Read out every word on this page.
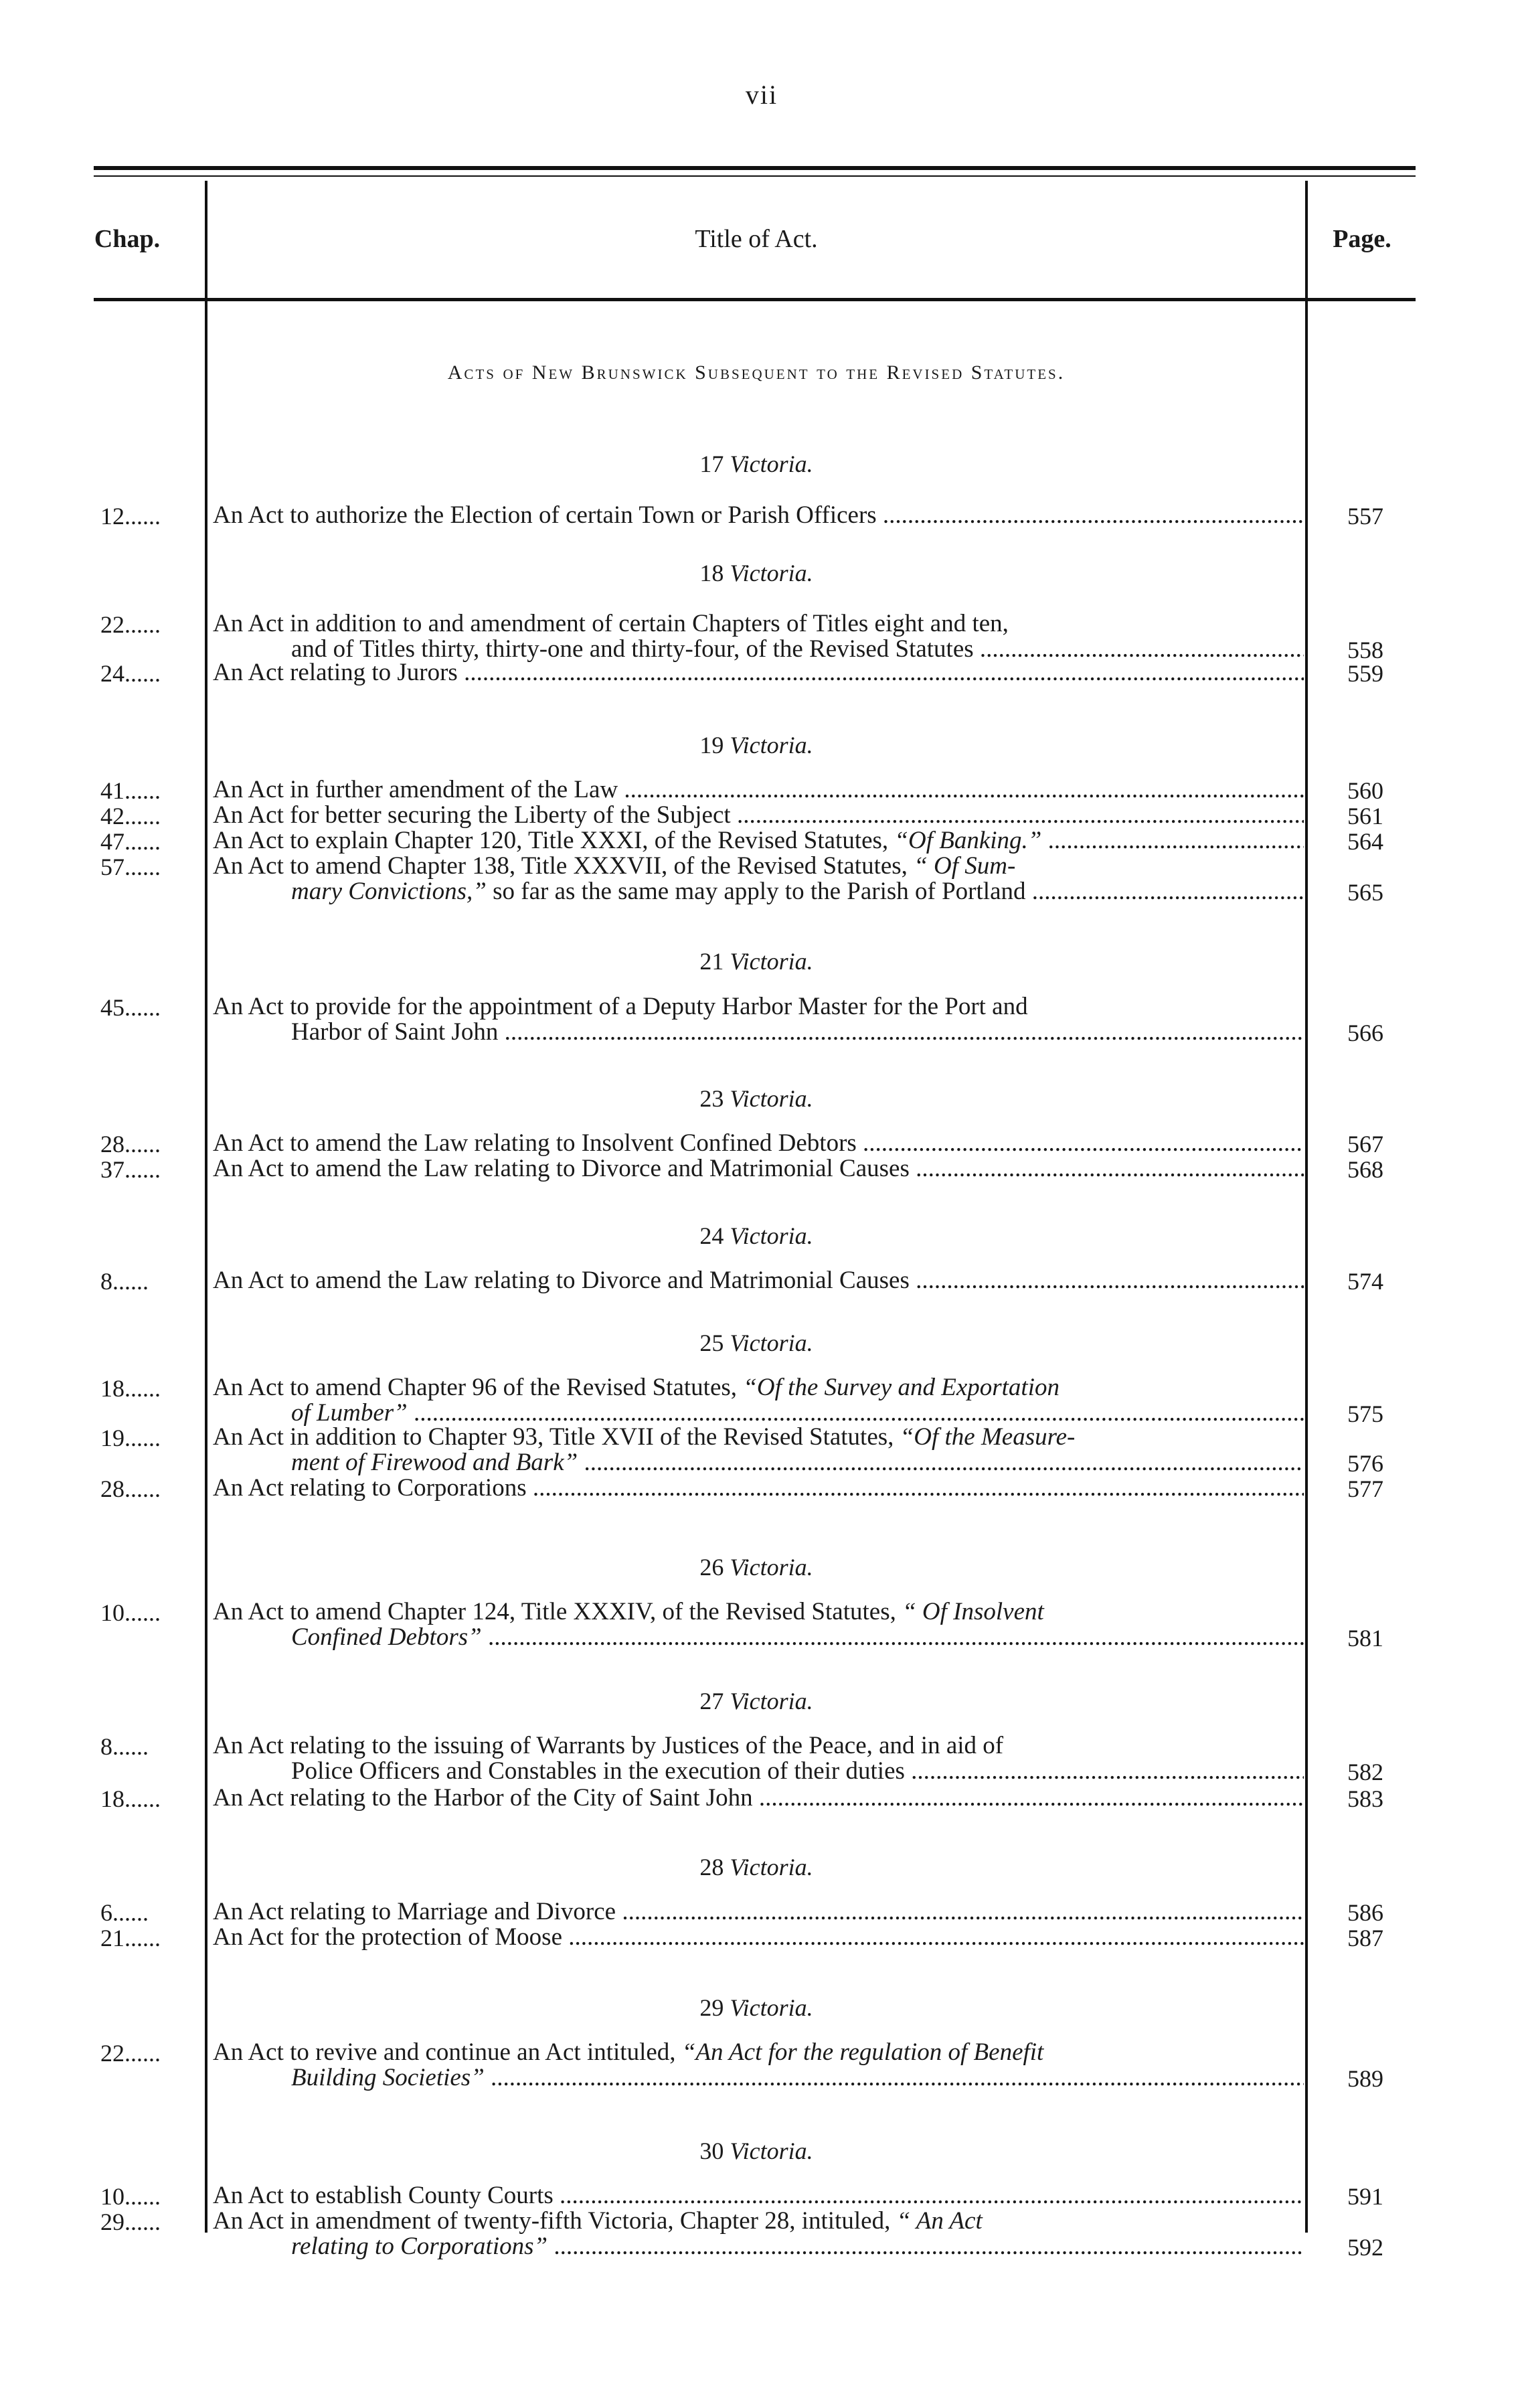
vii
Chap.	Title of Act.	Page.
Acts of New Brunswick Subsequent to the Revised Statutes.
17 Victoria.
12......	An Act to authorize the Election of certain Town or Parish Officers .....	557
18 Victoria.
22......	An Act in addition to and amendment of certain Chapters of Titles eight and ten,
and of Titles thirty, thirty-one and thirty-four, of the Revised Statutes .....	558
24......	An Act relating to Jurors .....	559
19 Victoria.
41......	An Act in further amendment of the Law .....	560
42......	An Act for better securing the Liberty of the Subject .....	561
47......	An Act to explain Chapter 120, Title XXXI, of the Revised Statutes, “Of Banking.” .....	564
57......	An Act to amend Chapter 138, Title XXXVII, of the Revised Statutes, “ Of Sum-
mary Convictions,” so far as the same may apply to the Parish of Portland .....	565
21 Victoria.
45......	An Act to provide for the appointment of a Deputy Harbor Master for the Port and
Harbor of Saint John .....	566
23 Victoria.
28......	An Act to amend the Law relating to Insolvent Confined Debtors .....	567
37......	An Act to amend the Law relating to Divorce and Matrimonial Causes .....	568
24 Victoria.
8......	An Act to amend the Law relating to Divorce and Matrimonial Causes .....	574
25 Victoria.
18......	An Act to amend Chapter 96 of the Revised Statutes, “Of the Survey and Exportation
of Lumber” .....	575
19......	An Act in addition to Chapter 93, Title XVII of the Revised Statutes, “Of the Measure-
ment of Firewood and Bark” .....	576
28......	An Act relating to Corporations .....	577
26 Victoria.
10......	An Act to amend Chapter 124, Title XXXIV, of the Revised Statutes, “ Of Insolvent
Confined Debtors” .....	581
27 Victoria.
8......	An Act relating to the issuing of Warrants by Justices of the Peace, and in aid of
Police Officers and Constables in the execution of their duties .....	582
18......	An Act relating to the Harbor of the City of Saint John .....	583
28 Victoria.
6......	An Act relating to Marriage and Divorce .....	586
21......	An Act for the protection of Moose .....	587
29 Victoria.
22......	An Act to revive and continue an Act intituled, “An Act for the regulation of Benefit
Building Societies” .....	589
30 Victoria.
10......	An Act to establish County Courts .....	591
29......	An Act in amendment of twenty-fifth Victoria, Chapter 28, intituled, “ An Act
relating to Corporations” .....	592
